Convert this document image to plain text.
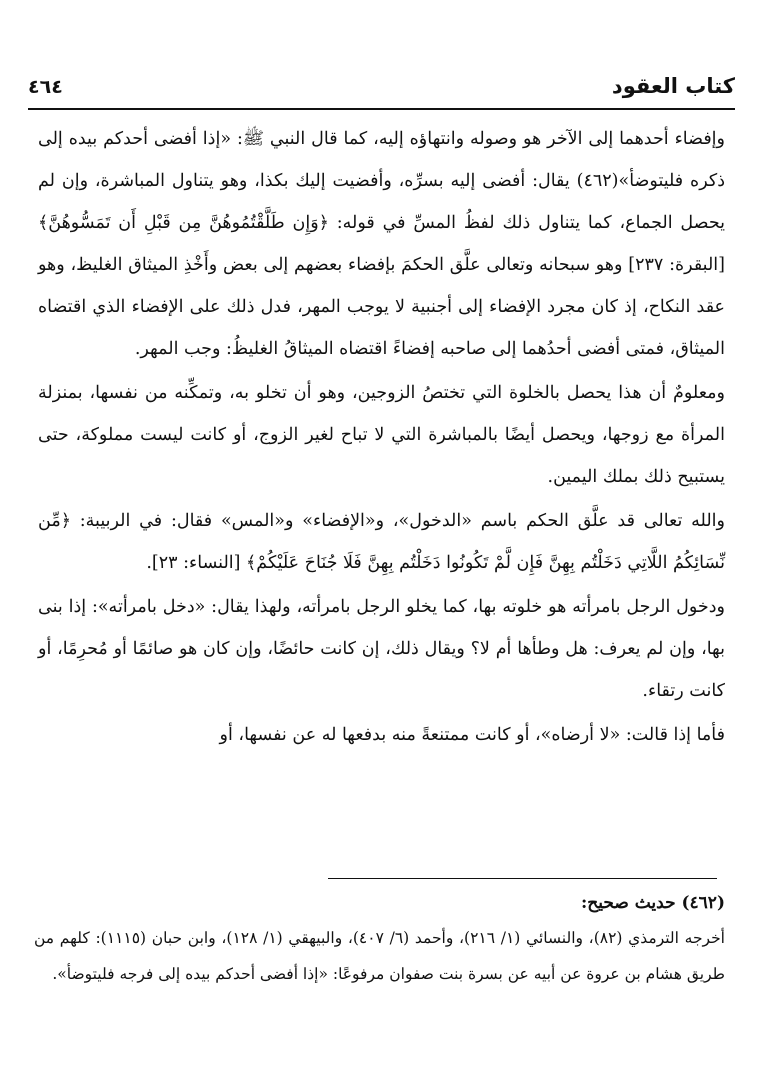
كتاب العقود
٤٦٤

وإفضاء أحدهما إلى الآخر هو وصوله وانتهاؤه إليه، كما قال النبي ﷺ: «إذا أفضى أحدكم بيده إلى ذكره فليتوضأ»(٤٦٢) يقال: أفضى إليه بسرِّه، وأفضيت إليك بكذا، وهو يتناول المباشرة، وإن لم يحصل الجماع، كما يتناول ذلك لفظُ المسِّ في قوله: ﴿وَإِن طَلَّقْتُمُوهُنَّ مِن قَبْلِ أَن تَمَسُّوهُنَّ﴾ [البقرة: ٢٣٧] وهو سبحانه وتعالى علَّق الحكمَ بإفضاء بعضهم إلى بعض وأَخْذِ الميثاق الغليظ، وهو عقد النكاح، إذ كان مجرد الإفضاء إلى أجنبية لا يوجب المهر، فدل ذلك على الإفضاء الذي اقتضاه الميثاق، فمتى أفضى أحدُهما إلى صاحبه إفضاءً اقتضاه الميثاقُ الغليظُ: وجب المهر.

ومعلومٌ أن هذا يحصل بالخلوة التي تختصُ الزوجين، وهو أن تخلو به، وتمكِّنه من نفسها، بمنزلة المرأة مع زوجها، ويحصل أيضًا بالمباشرة التي لا تباح لغير الزوج، أو كانت ليست مملوكة، حتى يستبيح ذلك بملك اليمين.

والله تعالى قد علَّق الحكم باسم «الدخول»، و«الإفضاء» و«المس» فقال: في الربيبة: ﴿مِّن نِّسَائِكُمُ اللَّاتِي دَخَلْتُم بِهِنَّ فَإِن لَّمْ تَكُونُوا دَخَلْتُم بِهِنَّ فَلَا جُنَاحَ عَلَيْكُمْ﴾ [النساء: ٢٣].

ودخول الرجل بامرأته هو خلوته بها، كما يخلو الرجل بامرأته، ولهذا يقال: «دخل بامرأته»: إذا بنى بها، وإن لم يعرف: هل وطأها أم لا؟ ويقال ذلك، إن كانت حائضًا، وإن كان هو صائمًا أو مُحرِمًا، أو كانت رتقاء.

فأما إذا قالت: «لا أرضاه»، أو كانت ممتنعةً منه بدفعها له عن نفسها، أو

(٤٦٢) حديث صحيح:

أخرجه الترمذي (٨٢)، والنسائي (١/ ٢١٦)، وأحمد (٦/ ٤٠٧)، والبيهقي (١/ ١٢٨)، وابن حبان (١١١٥): كلهم من طريق هشام بن عروة عن أبيه عن بسرة بنت صفوان مرفوعًا: «إذا أفضى أحدكم بيده إلى فرجه فليتوضأ».
